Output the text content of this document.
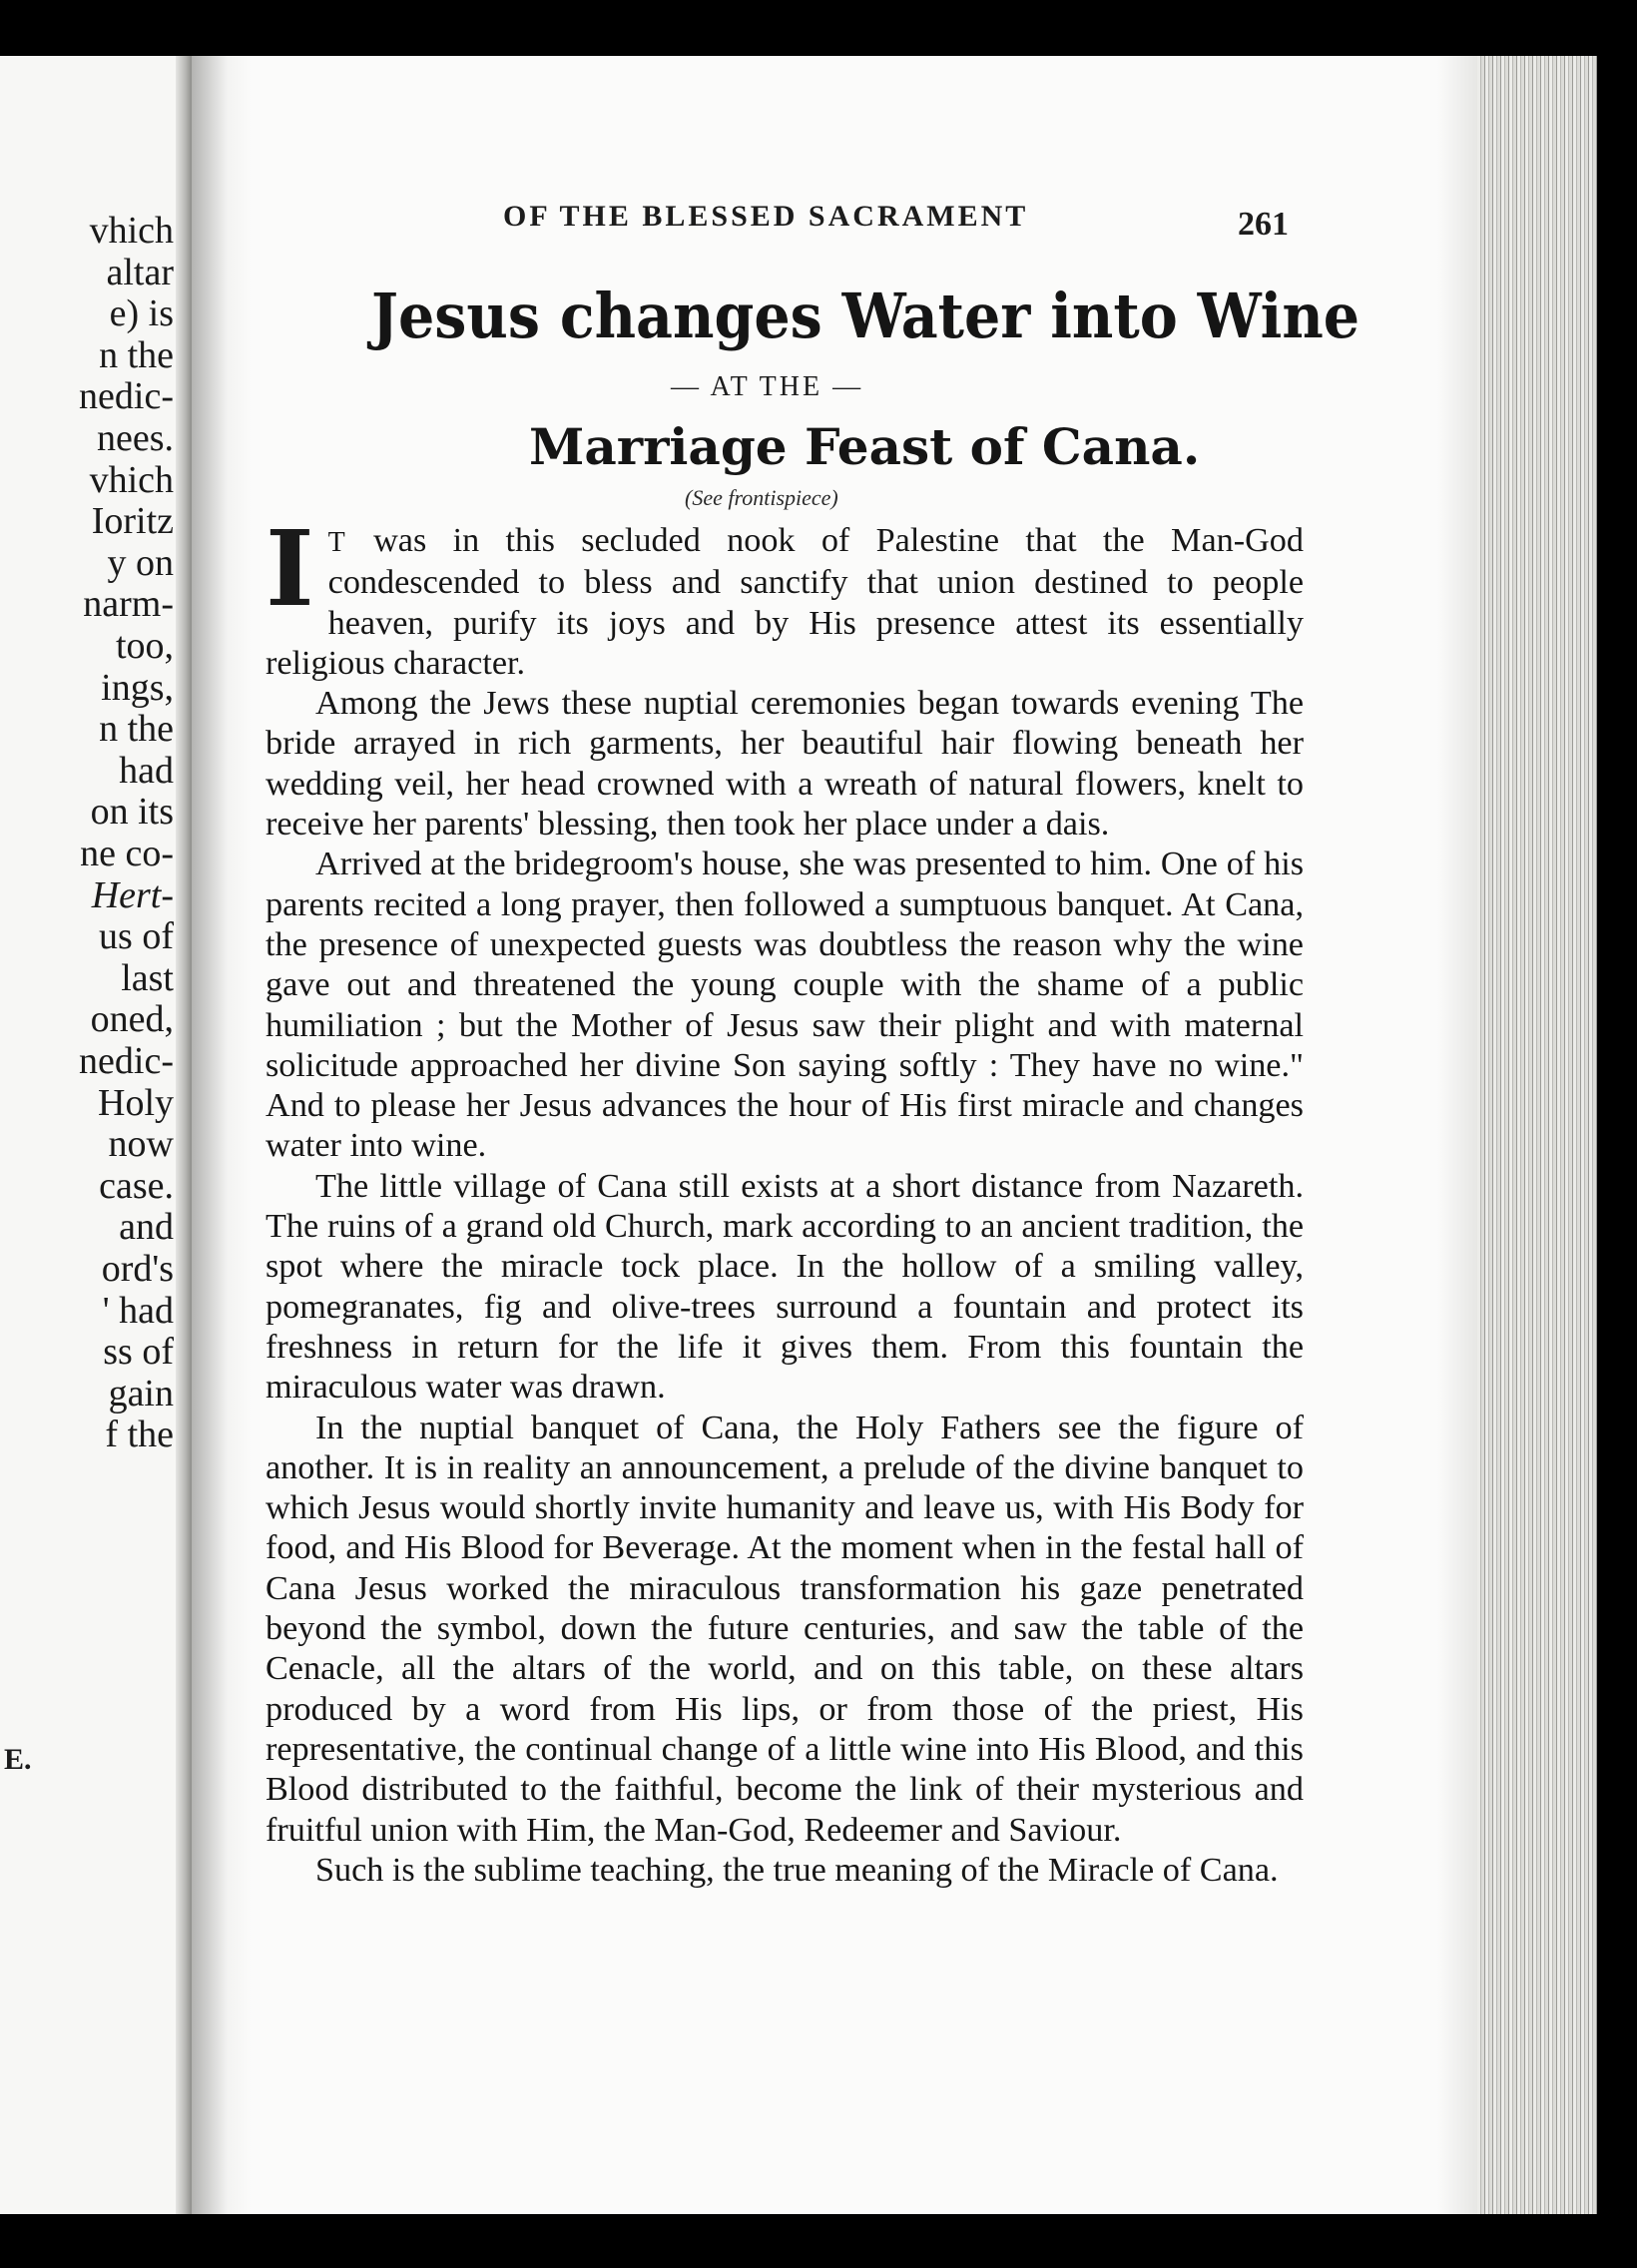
vhich
altar
e) is
n the
nedic-
nees.
vhich
Ioritz
y on
narm-
too,
ings,
n the
had
on its
ne co-
Hert-
us of
last
oned,
nedic-
Holy
now
case.
and
ord's
' had
ss of
gain
f the
E.
OF THE BLESSED SACRAMENT	261
Jesus changes Water into Wine
— AT THE —
Marriage Feast of Cana.
(See frontispiece)

I T was in this secluded nook of Palestine that the Man-God condescended to bless and sanctify that union destined to people heaven, purify its joys and by His presence attest its essentially religious character.

Among the Jews these nuptial ceremonies began towards evening The bride arrayed in rich garments, her beautiful hair flowing beneath her wedding veil, her head crowned with a wreath of natural flowers, knelt to receive her parents' blessing, then took her place under a dais.

Arrived at the bridegroom's house, she was presented to him. One of his parents recited a long prayer, then followed a sumptuous banquet. At Cana, the presence of unexpected guests was doubtless the reason why the wine gave out and threatened the young couple with the shame of a public humiliation ; but the Mother of Jesus saw their plight and with maternal solicitude approached her divine Son saying softly : They have no wine." And to please her Jesus advances the hour of His first miracle and changes water into wine.

The little village of Cana still exists at a short distance from Nazareth. The ruins of a grand old Church, mark according to an ancient tradition, the spot where the miracle tock place. In the hollow of a smiling valley, pomegranates, fig and olive-trees surround a fountain and protect its freshness in return for the life it gives them. From this fountain the miraculous water was drawn.

In the nuptial banquet of Cana, the Holy Fathers see the figure of another. It is in reality an announcement, a prelude of the divine banquet to which Jesus would shortly invite humanity and leave us, with His Body for food, and His Blood for Beverage. At the moment when in the festal hall of Cana Jesus worked the miraculous transformation his gaze penetrated beyond the symbol, down the future centuries, and saw the table of the Cenacle, all the altars of the world, and on this table, on these altars produced by a word from His lips, or from those of the priest, His representative, the continual change of a little wine into His Blood, and this Blood distributed to the faithful, become the link of their mysterious and fruitful union with Him, the Man-God, Redeemer and Saviour.

Such is the sublime teaching, the true meaning of the Miracle of Cana.
